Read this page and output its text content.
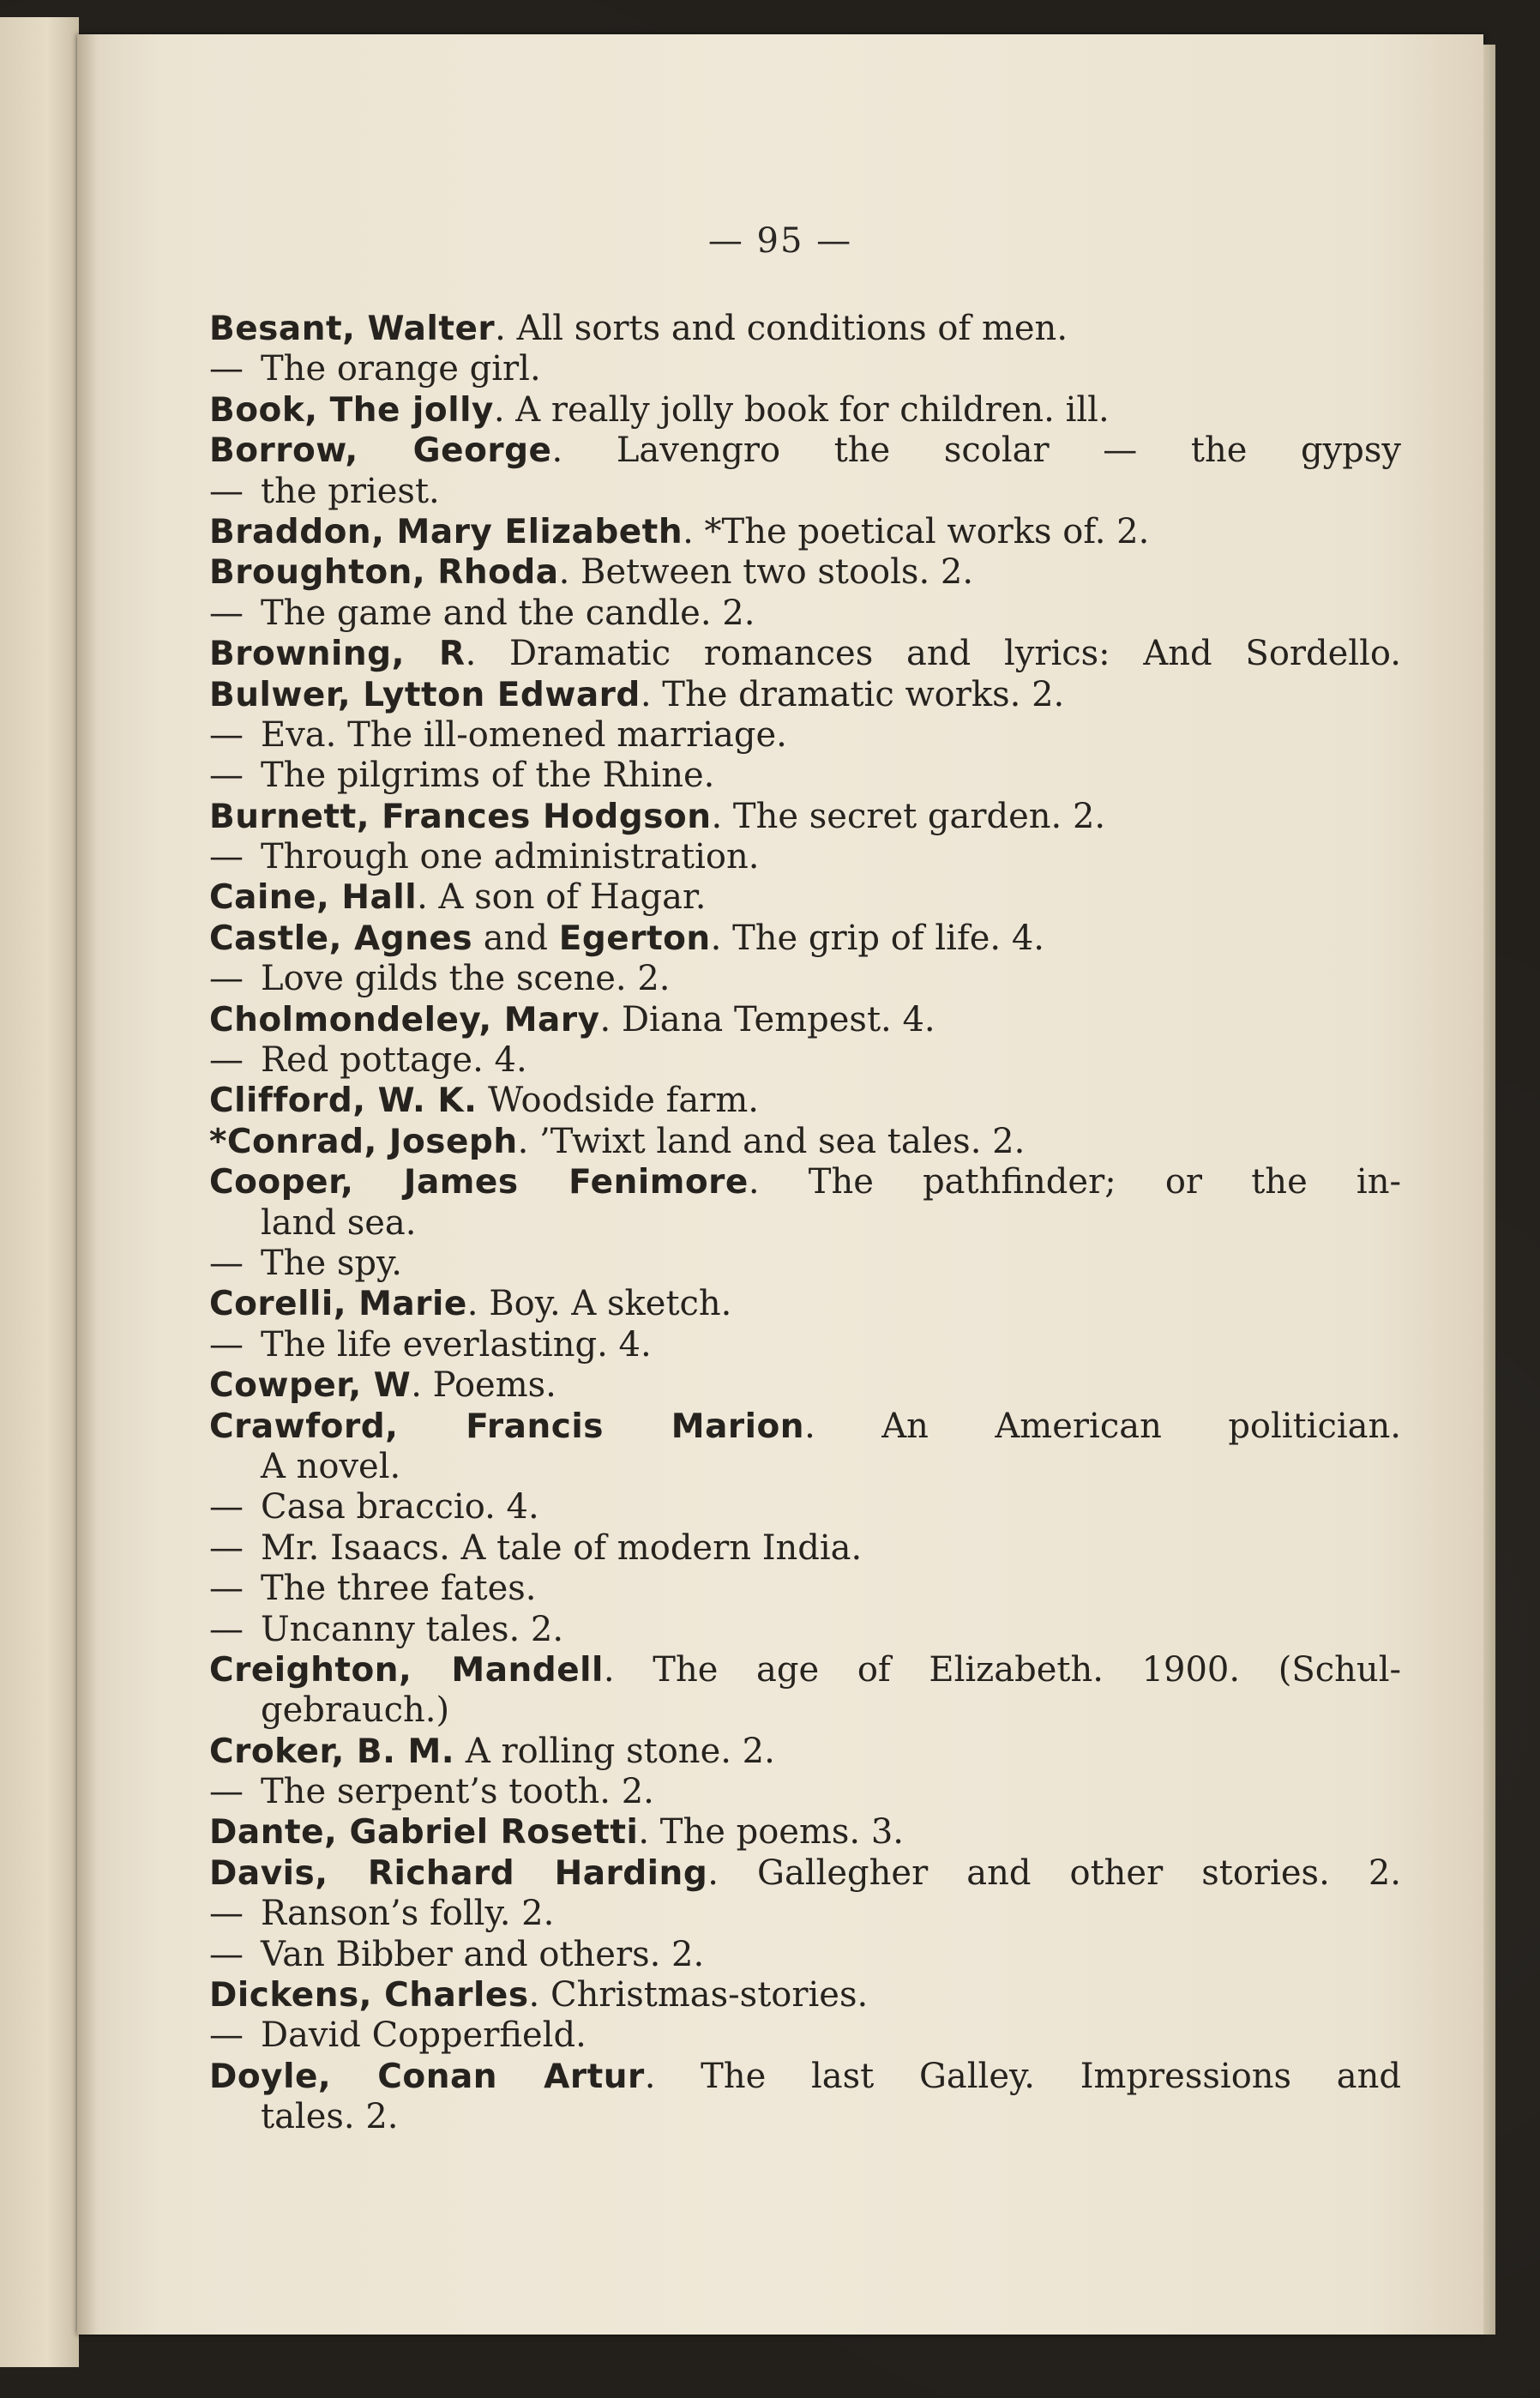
— 95 —
Besant, Walter. All sorts and conditions of men.
— The orange girl.
Book, The jolly. A really jolly book for children. ill.
Borrow, George. Lavengro the scolar — the gypsy
— the priest.
Braddon, Mary Elizabeth. *The poetical works of. 2.
Broughton, Rhoda. Between two stools. 2.
— The game and the candle. 2.
Browning, R. Dramatic romances and lyrics: And Sordello.
Bulwer, Lytton Edward. The dramatic works. 2.
— Eva. The ill-omened marriage.
— The pilgrims of the Rhine.
Burnett, Frances Hodgson. The secret garden. 2.
— Through one administration.
Caine, Hall. A son of Hagar.
Castle, Agnes and Egerton. The grip of life. 4.
— Love gilds the scene. 2.
Cholmondeley, Mary. Diana Tempest. 4.
— Red pottage. 4.
Clifford, W. K. Woodside farm.
*Conrad, Joseph. ’Twixt land and sea tales. 2.
Cooper, James Fenimore. The pathfinder; or the in-
land sea.
— The spy.
Corelli, Marie. Boy. A sketch.
— The life everlasting. 4.
Cowper, W. Poems.
Crawford, Francis Marion. An American politician.
A novel.
— Casa braccio. 4.
— Mr. Isaacs. A tale of modern India.
— The three fates.
— Uncanny tales. 2.
Creighton, Mandell. The age of Elizabeth. 1900. (Schul-
gebrauch.)
Croker, B. M. A rolling stone. 2.
— The serpent’s tooth. 2.
Dante, Gabriel Rosetti. The poems. 3.
Davis, Richard Harding. Gallegher and other stories. 2.
— Ranson’s folly. 2.
— Van Bibber and others. 2.
Dickens, Charles. Christmas-stories.
— David Copperfield.
Doyle, Conan Artur. The last Galley. Impressions and
tales. 2.
